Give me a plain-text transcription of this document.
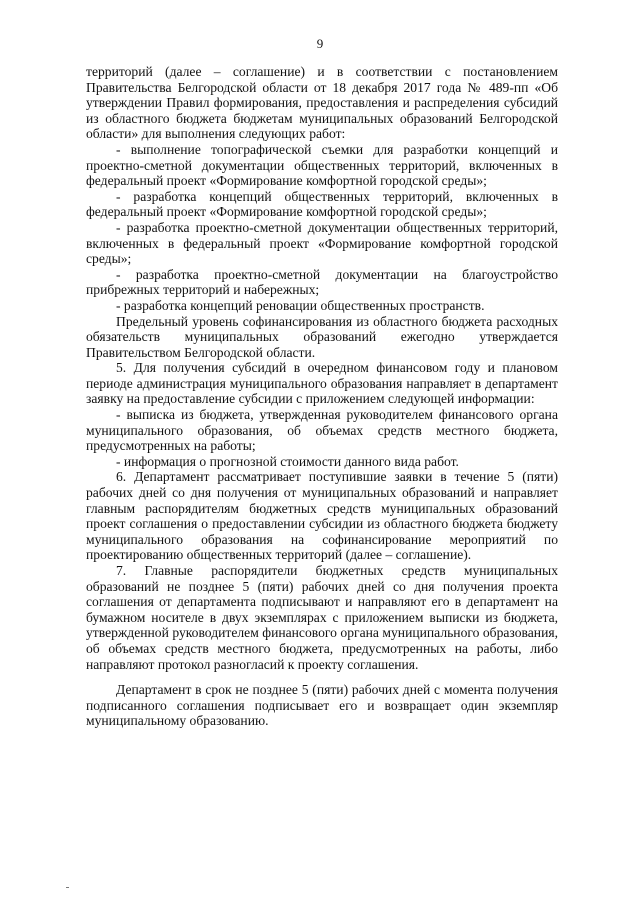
9

территорий (далее – соглашение) и в соответствии с постановлением Правительства Белгородской области от 18 декабря 2017 года № 489-пп «Об утверждении Правил формирования, предоставления и распределения субсидий из областного бюджета бюджетам муниципальных образований Белгородской области» для выполнения следующих работ:

- выполнение топографической съемки для разработки концепций и проектно-сметной документации общественных территорий, включенных в федеральный проект «Формирование комфортной городской среды»;

- разработка концепций общественных территорий, включенных в федеральный проект «Формирование комфортной городской среды»;

- разработка проектно-сметной документации общественных территорий, включенных в федеральный проект «Формирование комфортной городской среды»;

- разработка проектно-сметной документации на благоустройство прибрежных территорий и набережных;

- разработка концепций реновации общественных пространств.

Предельный уровень софинансирования из областного бюджета расходных обязательств муниципальных образований ежегодно утверждается Правительством Белгородской области.

5. Для получения субсидий в очередном финансовом году и плановом периоде администрация муниципального образования направляет в департамент заявку на предоставление субсидии с приложением следующей информации:

- выписка из бюджета, утвержденная руководителем финансового органа муниципального образования, об объемах средств местного бюджета, предусмотренных на работы;

- информация о прогнозной стоимости данного вида работ.

6. Департамент рассматривает поступившие заявки в течение 5 (пяти) рабочих дней со дня получения от муниципальных образований и направляет главным распорядителям бюджетных средств муниципальных образований проект соглашения о предоставлении субсидии из областного бюджета бюджету муниципального образования на софинансирование мероприятий по проектированию общественных территорий (далее – соглашение).

7. Главные распорядители бюджетных средств муниципальных образований не позднее 5 (пяти) рабочих дней со дня получения проекта соглашения от департамента подписывают и направляют его в департамент на бумажном носителе в двух экземплярах с приложением выписки из бюджета, утвержденной руководителем финансового органа муниципального образования, об объемах средств местного бюджета, предусмотренных на работы, либо направляют протокол разногласий к проекту соглашения.

Департамент в срок не позднее 5 (пяти) рабочих дней с момента получения подписанного соглашения подписывает его и возвращает один экземпляр муниципальному образованию.
